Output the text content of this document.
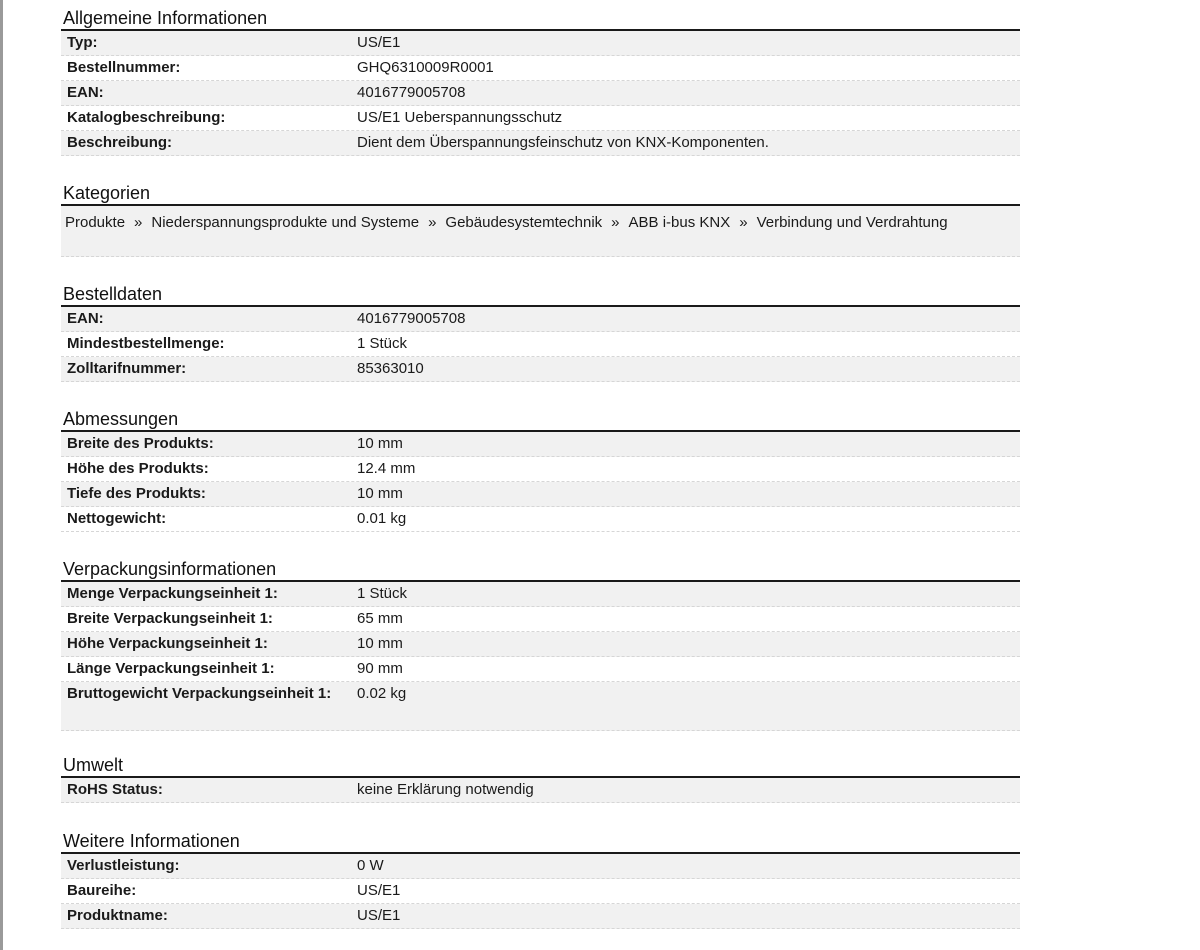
Allgemeine Informationen
Typ:	US/E1
Bestellnummer:	GHQ6310009R0001
EAN:	4016779005708
Katalogbeschreibung:	US/E1 Ueberspannungsschutz
Beschreibung:	Dient dem Überspannungsfeinschutz von KNX-Komponenten.
Kategorien
Produkte » Niederspannungsprodukte und Systeme » Gebäudesystemtechnik » ABB i-bus KNX » Verbindung und Verdrahtung
Bestelldaten
EAN:	4016779005708
Mindestbestellmenge:	1 Stück
Zolltarifnummer:	85363010
Abmessungen
Breite des Produkts:	10 mm
Höhe des Produkts:	12.4 mm
Tiefe des Produkts:	10 mm
Nettogewicht:	0.01 kg
Verpackungsinformationen
Menge Verpackungseinheit 1:	1 Stück
Breite Verpackungseinheit 1:	65 mm
Höhe Verpackungseinheit 1:	10 mm
Länge Verpackungseinheit 1:	90 mm
Bruttogewicht Verpackungseinheit 1:	0.02 kg
Umwelt
RoHS Status:	keine Erklärung notwendig
Weitere Informationen
Verlustleistung:	0 W
Baureihe:	US/E1
Produktname:	US/E1
